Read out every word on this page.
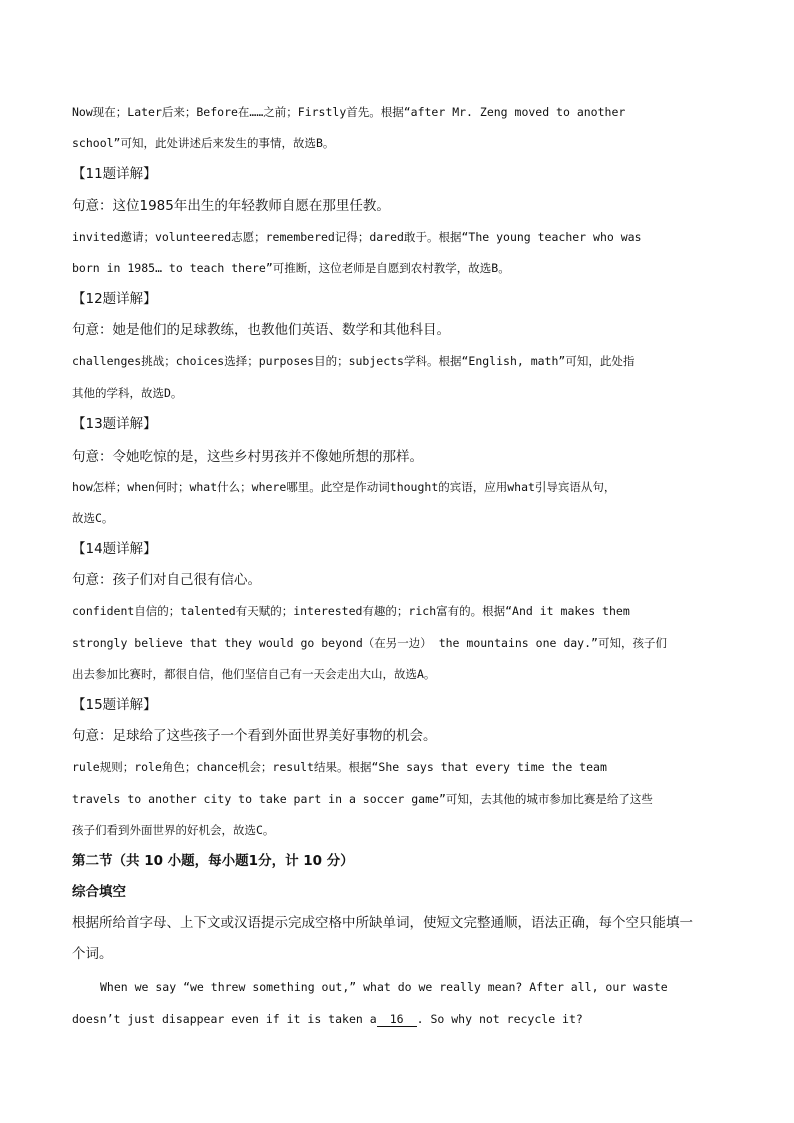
Now现在；Later后来；Before在……之前；Firstly首先。根据“after Mr. Zeng moved to another
school”可知，此处讲述后来发生的事情，故选B。
【11题详解】
句意：这位1985年出生的年轻教师自愿在那里任教。
invited邀请；volunteered志愿；remembered记得；dared敢于。根据“The young teacher who was
born in 1985… to teach there”可推断，这位老师是自愿到农村教学，故选B。
【12题详解】
句意：她是他们的足球教练，也教他们英语、数学和其他科目。
challenges挑战；choices选择；purposes目的；subjects学科。根据“English, math”可知，此处指
其他的学科，故选D。
【13题详解】
句意：令她吃惊的是，这些乡村男孩并不像她所想的那样。
how怎样；when何时；what什么；where哪里。此空是作动词thought的宾语，应用what引导宾语从句，
故选C。
【14题详解】
句意：孩子们对自己很有信心。
confident自信的；talented有天赋的；interested有趣的；rich富有的。根据“And it makes them
strongly believe that they would go beyond（在另一边） the mountains one day.”可知，孩子们
出去参加比赛时，都很自信，他们坚信自己有一天会走出大山，故选A。
【15题详解】
句意：足球给了这些孩子一个看到外面世界美好事物的机会。
rule规则；role角色；chance机会；result结果。根据“She says that every time the team
travels to another city to take part in a soccer game”可知，去其他的城市参加比赛是给了这些
孩子们看到外面世界的好机会，故选C。
第二节（共 10 小题，每小题1分，计 10 分）
综合填空
根据所给首字母、上下文或汉语提示完成空格中所缺单词，使短文完整通顺，语法正确，每个空只能填一
个词。
When we say “we threw something out,” what do we really mean? After all, our waste
doesn’t just disappear even if it is taken a 16 . So why not recycle it?
